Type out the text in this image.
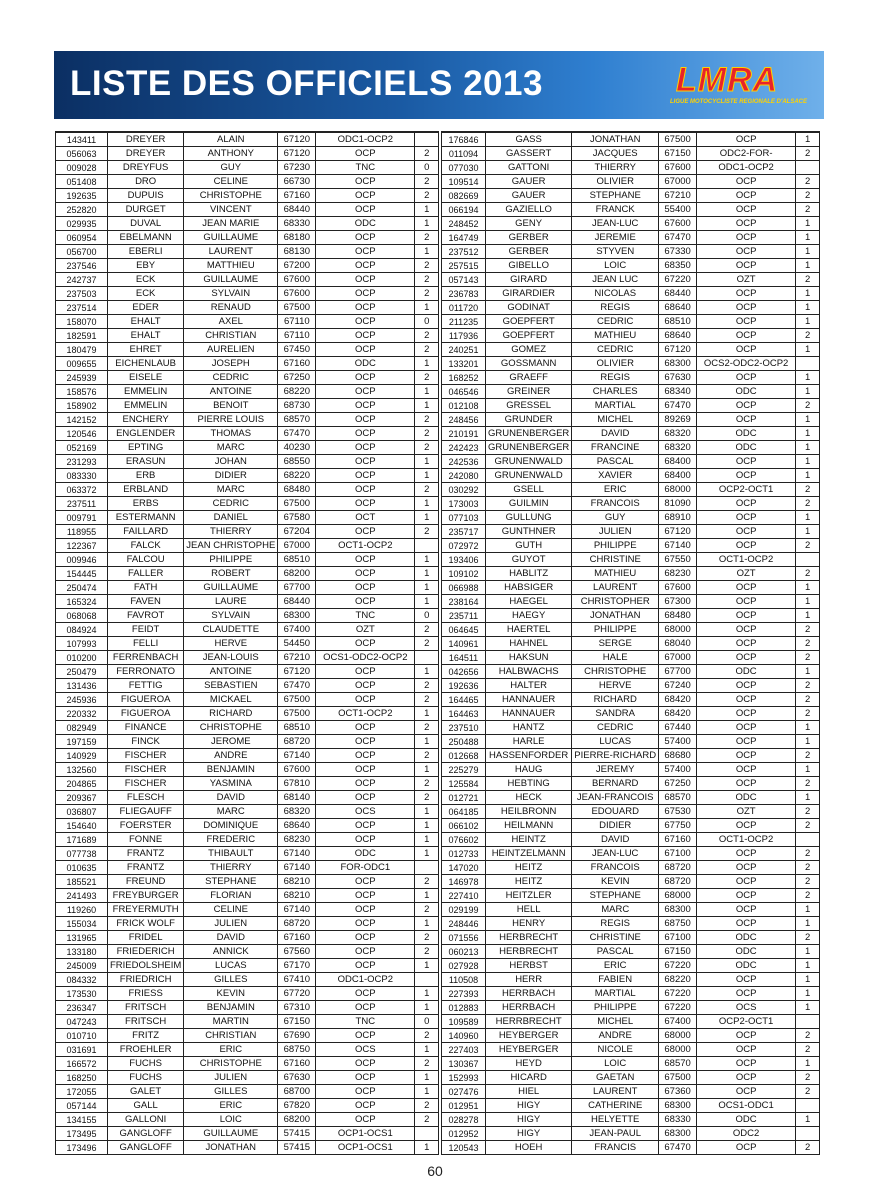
LISTE DES OFFICIELS 2013	LMRA
LIGUE MOTOCYCLISTE REGIONALE D'ALSACE
143411	DREYER	ALAIN	67120	ODC1-OCP2	
056063	DREYER	ANTHONY	67120	OCP	2
009028	DREYFUS	GUY	67230	TNC	0
051408	DRO	CELINE	66730	OCP	2
192635	DUPUIS	CHRISTOPHE	67160	OCP	2
252820	DURGET	VINCENT	68440	OCP	1
029935	DUVAL	JEAN MARIE	68330	ODC	1
060954	EBELMANN	GUILLAUME	68180	OCP	2
056700	EBERLI	LAURENT	68130	OCP	1
237546	EBY	MATTHIEU	67200	OCP	2
242737	ECK	GUILLAUME	67600	OCP	2
237503	ECK	SYLVAIN	67600	OCP	2
237514	EDER	RENAUD	67500	OCP	1
158070	EHALT	AXEL	67110	OCP	0
182591	EHALT	CHRISTIAN	67110	OCP	2
180479	EHRET	AURELIEN	67450	OCP	2
009655	EICHENLAUB	JOSEPH	67160	ODC	1
245939	EISELE	CEDRIC	67250	OCP	2
158576	EMMELIN	ANTOINE	68220	OCP	1
158902	EMMELIN	BENOIT	68730	OCP	1
142152	ENCHERY	PIERRE LOUIS	68570	OCP	2
120546	ENGLENDER	THOMAS	67470	OCP	2
052169	EPTING	MARC	40230	OCP	2
231293	ERASUN	JOHAN	68550	OCP	1
083330	ERB	DIDIER	68220	OCP	1
063372	ERBLAND	MARC	68480	OCP	2
237511	ERBS	CEDRIC	67500	OCP	1
009791	ESTERMANN	DANIEL	67580	OCT	1
118955	FAILLARD	THIERRY	67204	OCP	2
122367	FALCK	JEAN CHRISTOPHE	67000	OCT1-OCP2	
009946	FALCOU	PHILIPPE	68510	OCP	1
154445	FALLER	ROBERT	68200	OCP	1
250474	FATH	GUILLAUME	67700	OCP	1
165324	FAVEN	LAURE	68440	OCP	1
068068	FAVROT	SYLVAIN	68300	TNC	0
084924	FEIDT	CLAUDETTE	67400	OZT	2
107993	FELLI	HERVE	54450	OCP	2
010200	FERRENBACH	JEAN-LOUIS	67210	OCS1-ODC2-OCP2	
250479	FERRONATO	ANTOINE	67120	OCP	1
131436	FETTIG	SEBASTIEN	67470	OCP	2
245936	FIGUEROA	MICKAEL	67500	OCP	2
220332	FIGUEROA	RICHARD	67500	OCT1-OCP2	1
082949	FINANCE	CHRISTOPHE	68510	OCP	2
197159	FINCK	JEROME	68720	OCP	1
140929	FISCHER	ANDRE	67140	OCP	2
132560	FISCHER	BENJAMIN	67600	OCP	1
204865	FISCHER	YASMINA	67810	OCP	2
209367	FLESCH	DAVID	68140	OCP	2
036807	FLIEGAUFF	MARC	68320	OCS	1
154640	FOERSTER	DOMINIQUE	68640	OCP	1
171689	FONNE	FREDERIC	68230	OCP	1
077738	FRANTZ	THIBAULT	67140	ODC	1
010635	FRANTZ	THIERRY	67140	FOR-ODC1	
185521	FREUND	STEPHANE	68210	OCP	2
241493	FREYBURGER	FLORIAN	68210	OCP	1
119260	FREYERMUTH	CELINE	67140	OCP	2
155034	FRICK WOLF	JULIEN	68720	OCP	1
131965	FRIDEL	DAVID	67160	OCP	2
133180	FRIEDERICH	ANNICK	67560	OCP	2
245009	FRIEDOLSHEIM	LUCAS	67170	OCP	1
084332	FRIEDRICH	GILLES	67410	ODC1-OCP2	
173530	FRIESS	KEVIN	67720	OCP	1
236347	FRITSCH	BENJAMIN	67310	OCP	1
047243	FRITSCH	MARTIN	67150	TNC	0
010710	FRITZ	CHRISTIAN	67690	OCP	2
031691	FROEHLER	ERIC	68750	OCS	1
166572	FUCHS	CHRISTOPHE	67160	OCP	2
168250	FUCHS	JULIEN	67630	OCP	1
172055	GALET	GILLES	68700	OCP	1
057144	GALL	ERIC	67820	OCP	2
134155	GALLONI	LOIC	68200	OCP	2
173495	GANGLOFF	GUILLAUME	57415	OCP1-OCS1	
173496	GANGLOFF	JONATHAN	57415	OCP1-OCS1	1
176846	GASS	JONATHAN	67500	OCP	1
011094	GASSERT	JACQUES	67150	ODC2-FOR-	2
077030	GATTONI	THIERRY	67600	ODC1-OCP2	
109514	GAUER	OLIVIER	67000	OCP	2
082669	GAUER	STEPHANE	67210	OCP	2
066194	GAZIELLO	FRANCK	55400	OCP	2
248452	GENY	JEAN-LUC	67600	OCP	1
164749	GERBER	JEREMIE	67470	OCP	1
237512	GERBER	STYVEN	67330	OCP	1
257515	GIBELLO	LOIC	68350	OCP	1
057143	GIRARD	JEAN LUC	67220	OZT	2
236783	GIRARDIER	NICOLAS	68440	OCP	1
011720	GODINAT	REGIS	68640	OCP	1
211235	GOEPFERT	CEDRIC	68510	OCP	1
117936	GOEPFERT	MATHIEU	68640	OCP	2
240251	GOMEZ	CEDRIC	67120	OCP	1
133201	GOSSMANN	OLIVIER	68300	OCS2-ODC2-OCP2	
168252	GRAEFF	REGIS	67630	OCP	1
046546	GREINER	CHARLES	68340	ODC	1
012108	GRESSEL	MARTIAL	67470	OCP	2
248456	GRUNDER	MICHEL	89269	OCP	1
210191	GRUNENBERGER	DAVID	68320	ODC	1
242423	GRUNENBERGER	FRANCINE	68320	ODC	1
242536	GRUNENWALD	PASCAL	68400	OCP	1
242080	GRUNENWALD	XAVIER	68400	OCP	1
030292	GSELL	ERIC	68000	OCP2-OCT1	2
173003	GUILMIN	FRANCOIS	81090	OCP	2
077103	GULLUNG	GUY	68910	OCP	1
235717	GUNTHNER	JULIEN	67120	OCP	1
072972	GUTH	PHILIPPE	67140	OCP	2
193406	GUYOT	CHRISTINE	67550	OCT1-OCP2	
109102	HABLITZ	MATHIEU	68230	OZT	2
066988	HABSIGER	LAURENT	67600	OCP	1
238164	HAEGEL	CHRISTOPHER	67300	OCP	1
235711	HAEGY	JONATHAN	68480	OCP	1
064645	HAERTEL	PHILIPPE	68000	OCP	2
140961	HAHNEL	SERGE	68040	OCP	2
164511	HAKSUN	HALE	67000	OCP	2
042656	HALBWACHS	CHRISTOPHE	67700	ODC	1
192636	HALTER	HERVE	67240	OCP	2
164465	HANNAUER	RICHARD	68420	OCP	2
164463	HANNAUER	SANDRA	68420	OCP	2
237510	HANTZ	CEDRIC	67440	OCP	1
250488	HARLE	LUCAS	57400	OCP	1
012668	HASSENFORDER	PIERRE-RICHARD	68680	OCP	2
225279	HAUG	JEREMY	57400	OCP	1
125584	HEBTING	BERNARD	67250	OCP	2
012721	HECK	JEAN-FRANCOIS	68570	ODC	1
064185	HEILBRONN	EDOUARD	67530	OZT	2
066102	HEILMANN	DIDIER	67750	OCP	2
076602	HEINTZ	DAVID	67160	OCT1-OCP2	
012733	HEINTZELMANN	JEAN-LUC	67100	OCP	2
147020	HEITZ	FRANCOIS	68720	OCP	2
146978	HEITZ	KEVIN	68720	OCP	2
227410	HEITZLER	STEPHANE	68000	OCP	2
029199	HELL	MARC	68300	OCP	1
248446	HENRY	REGIS	68750	OCP	1
071556	HERBRECHT	CHRISTINE	67100	ODC	2
060213	HERBRECHT	PASCAL	67150	ODC	1
027928	HERBST	ERIC	67220	ODC	1
110508	HERR	FABIEN	68220	OCP	1
227393	HERRBACH	MARTIAL	67220	OCP	1
012883	HERRBACH	PHILIPPE	67220	OCS	1
109589	HERRBRECHT	MICHEL	67400	OCP2-OCT1	
140960	HEYBERGER	ANDRE	68000	OCP	2
227403	HEYBERGER	NICOLE	68000	OCP	2
130367	HEYD	LOIC	68570	OCP	1
152993	HICARD	GAETAN	67500	OCP	2
027476	HIEL	LAURENT	67360	OCP	2
012951	HIGY	CATHERINE	68300	OCS1-ODC1	
028278	HIGY	HELYETTE	68330	ODC	1
012952	HIGY	JEAN-PAUL	68300	ODC2	
120543	HOEH	FRANCIS	67470	OCP	2
60
